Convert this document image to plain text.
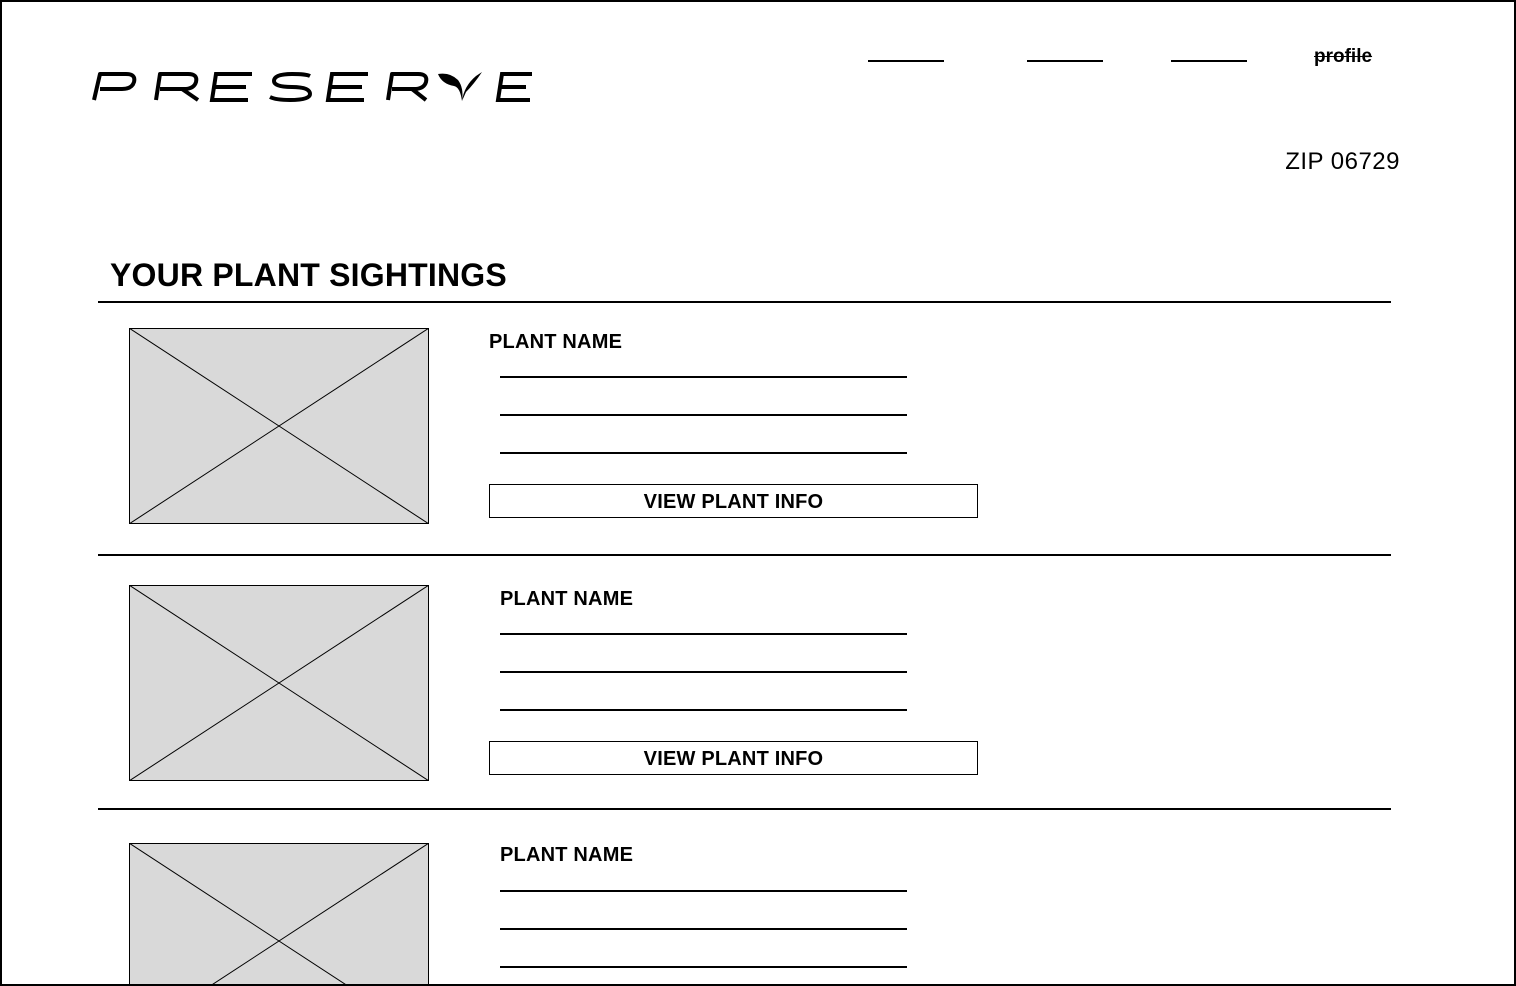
profile
ZIP 06729
YOUR PLANT SIGHTINGS
PLANT NAME
VIEW PLANT INFO
PLANT NAME
VIEW PLANT INFO
PLANT NAME
